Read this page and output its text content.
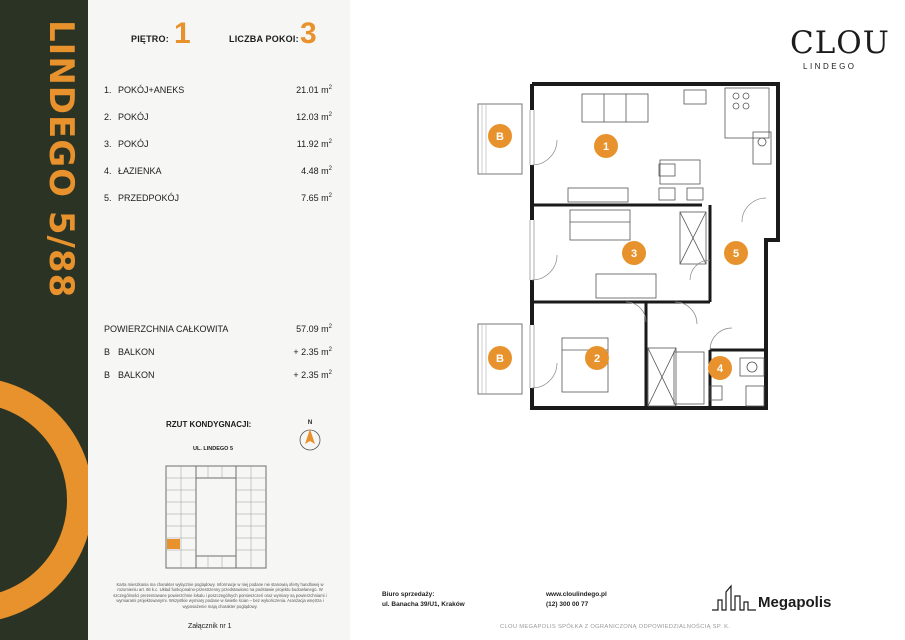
LINDEGO 5/88	PIĘTRO: 1	LICZBA POKOI: 3
1. POKÓJ+ANEKS	21.01 $m^2$
2. POKÓJ	12.03 $m^2$
3. POKÓJ	11.92 $m^2$
4. ŁAZIENKA	4.48 $m^2$
5. PRZEDPOKÓJ	7.65 $m^2$
POWIERZCHNIA CAŁKOWITA	57.09 $m^2$
B BALKON	+ 2.35 $m^2$
B BALKON	+ 2.35 $m^2$
RZUT KONDYGNACJI:
UL. LINDEGO 5
N
Karta mieszkania ma charakter wyłącznie poglądowy. Informacje w niej podane nie stanowią oferty handlowej w rozumieniu art. 66 k.c. Układ funkcjonalno-przestrzenny przedstawiono na podstawie projektu budowlanego. W szczególności prezentowane powierzchnie lokalu i poszczególnych pomieszczeń oraz wymiary są powierzchniami i wymiarami projektowanymi. Wszystkie wymiary podane w świetle ścian – bez wykończenia. Aranżacja wnętrza i wyposażenie mają charakter poglądowy.
Załącznik nr 1
CLOU
LINDEGO
B
B
1
2
3
4
5
Biuro sprzedaży:
ul. Banacha 39/U1, Kraków
www.cloulindego.pl
(12) 300 00 77	Megapolis
CLOU MEGAPOLIS SPÓŁKA Z OGRANICZONĄ ODPOWIEDZIALNOŚCIĄ SP. K.
